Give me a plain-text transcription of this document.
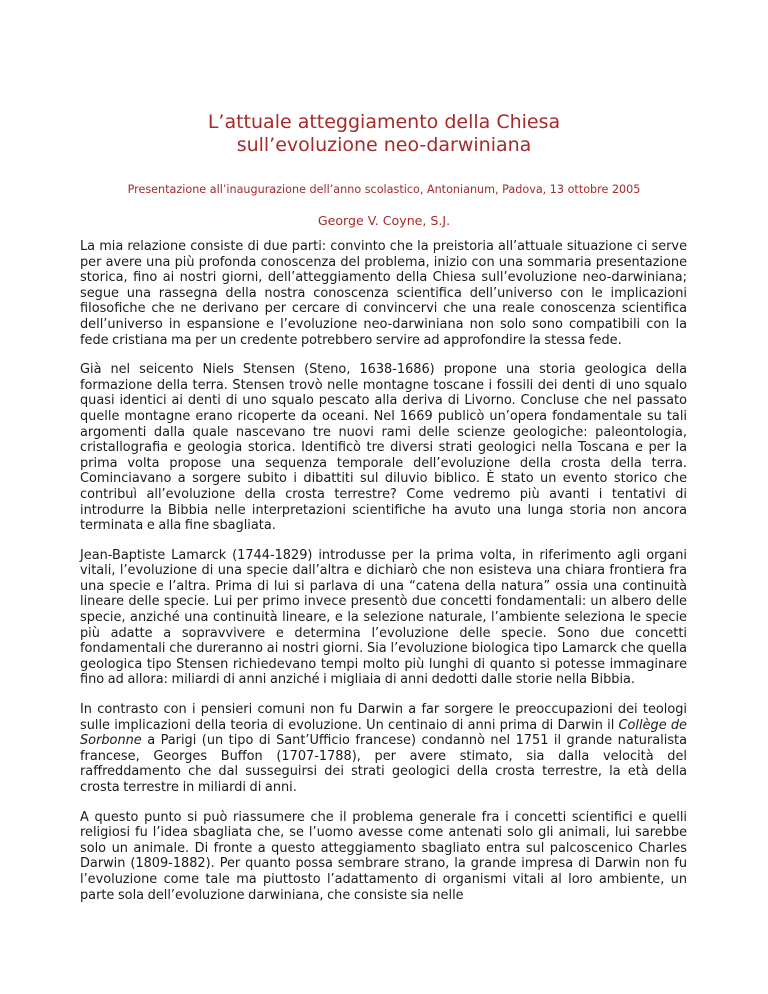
L’attuale atteggiamento della Chiesa
sull’evoluzione neo-darwiniana

Presentazione all’inaugurazione dell’anno scolastico, Antonianum, Padova, 13 ottobre 2005

George V. Coyne, S.J.

La mia relazione consiste di due parti: convinto che la preistoria all’attuale situazione ci serve per avere una più profonda conoscenza del problema, inizio con una sommaria presentazione storica, fino ai nostri giorni, dell’atteggiamento della Chiesa sull’evoluzione neo-darwiniana; segue una rassegna della nostra conoscenza scientifica dell’universo con le implicazioni filosofiche che ne derivano per cercare di convincervi che una reale conoscenza scientifica dell’universo in espansione e l’evoluzione neo-darwiniana non solo sono compatibili con la fede cristiana ma per un credente potrebbero servire ad approfondire la stessa fede.

Già nel seicento Niels Stensen (Steno, 1638-1686) propone una storia geologica della formazione della terra. Stensen trovò nelle montagne toscane i fossili dei denti di uno squalo quasi identici ai denti di uno squalo pescato alla deriva di Livorno. Concluse che nel passato quelle montagne erano ricoperte da oceani. Nel 1669 publicò un’opera fondamentale su tali argomenti dalla quale nascevano tre nuovi rami delle scienze geologiche: paleontologia, cristallografia e geologia storica. Identificò tre diversi strati geologici nella Toscana e per la prima volta propose una sequenza temporale dell’evoluzione della crosta della terra. Cominciavano a sorgere subito i dibattiti sul diluvio biblico. È stato un evento storico che contribuì all’evoluzione della crosta terrestre? Come vedremo più avanti i tentativi di introdurre la Bibbia nelle interpretazioni scientifiche ha avuto una lunga storia non ancora terminata e alla fine sbagliata.

Jean-Baptiste Lamarck (1744-1829) introdusse per la prima volta, in riferimento agli organi vitali, l’evoluzione di una specie dall’altra e dichiarò che non esisteva una chiara frontiera fra una specie e l’altra. Prima di lui si parlava di una “catena della natura” ossia una continuità lineare delle specie. Lui per primo invece presentò due concetti fondamentali: un albero delle specie, anziché una continuità lineare, e la selezione naturale, l’ambiente seleziona le specie più adatte a sopravvivere e determina l’evoluzione delle specie. Sono due concetti fondamentali che dureranno ai nostri giorni. Sia l’evoluzione biologica tipo Lamarck che quella geologica tipo Stensen richiedevano tempi molto più lunghi di quanto si potesse immaginare fino ad allora: miliardi di anni anziché i migliaia di anni dedotti dalle storie nella Bibbia.

In contrasto con i pensieri comuni non fu Darwin a far sorgere le preoccupazioni dei teologi sulle implicazioni della teoria di evoluzione. Un centinaio di anni prima di Darwin il Collège de Sorbonne a Parigi (un tipo di Sant’Ufficio francese) condannò nel 1751 il grande naturalista francese, Georges Buffon (1707-1788), per avere stimato, sia dalla velocità del raffreddamento che dal susseguirsi dei strati geologici della crosta terrestre, la età della crosta terrestre in miliardi di anni.

A questo punto si può riassumere che il problema generale fra i concetti scientifici e quelli religiosi fu l’idea sbagliata che, se l’uomo avesse come antenati solo gli animali, lui sarebbe solo un animale. Di fronte a questo atteggiamento sbagliato entra sul palcoscenico Charles Darwin (1809-1882). Per quanto possa sembrare strano, la grande impresa di Darwin non fu l’evoluzione come tale ma piuttosto l’adattamento di organismi vitali al loro ambiente, un parte sola dell’evoluzione darwiniana, che consiste sia nelle
